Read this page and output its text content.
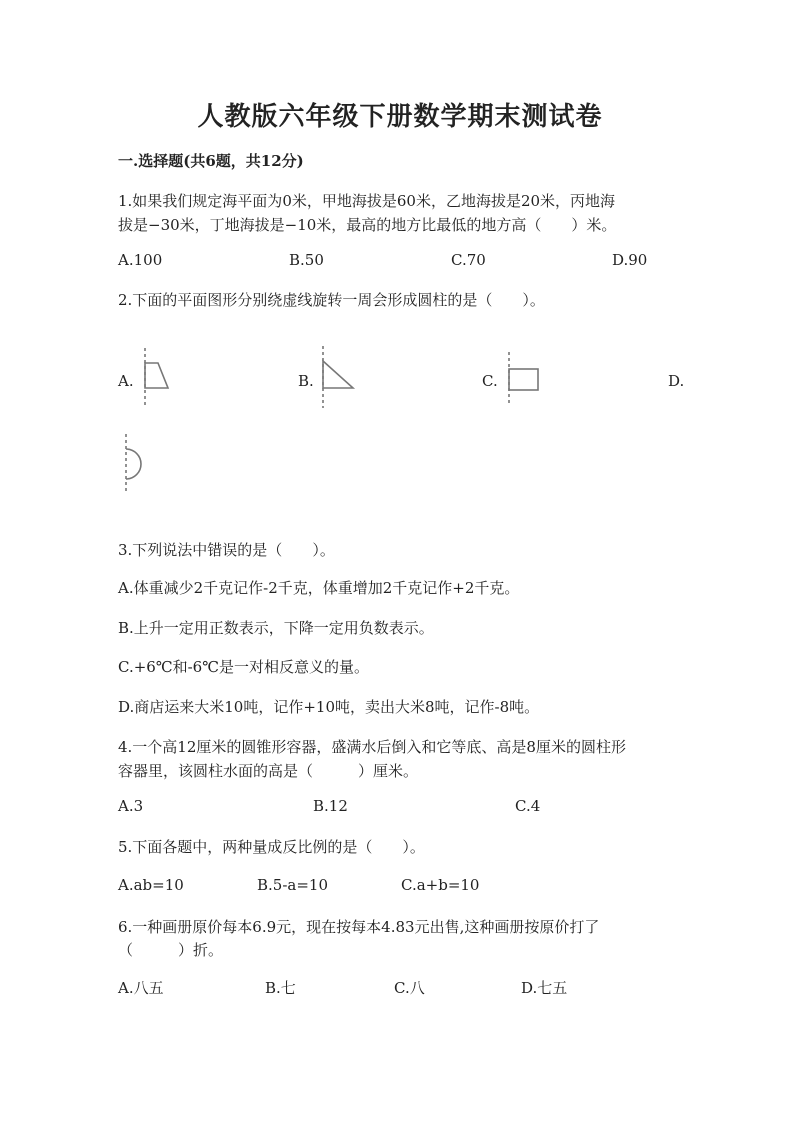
人教版六年级下册数学期末测试卷
一.选择题(共6题，共12分)
1.如果我们规定海平面为0米，甲地海拔是60米，乙地海拔是20米，丙地海
拔是−30米，丁地海拔是−10米，最高的地方比最低的地方高（　　）米。
A.100	B.50	C.70	D.90
2.下面的平面图形分别绕虚线旋转一周会形成圆柱的是（　　）。
A.	B.	C.	D.
3.下列说法中错误的是（　　）。
A.体重减少2千克记作-2千克，体重增加2千克记作+2千克。
B.上升一定用正数表示，下降一定用负数表示。
C.+6℃和-6℃是一对相反意义的量。
D.商店运来大米10吨，记作+10吨，卖出大米8吨，记作-8吨。
4.一个高12厘米的圆锥形容器，盛满水后倒入和它等底、高是8厘米的圆柱形
容器里，该圆柱水面的高是（　　　）厘米。
A.3	B.12	C.4
5.下面各题中，两种量成反比例的是（　　）。
A.ab=10	B.5-a=10	C.a+b=10
6.一种画册原价每本6.9元，现在按每本4.83元出售,这种画册按原价打了
（　　　）折。
A.八五	B.七	C.八	D.七五
